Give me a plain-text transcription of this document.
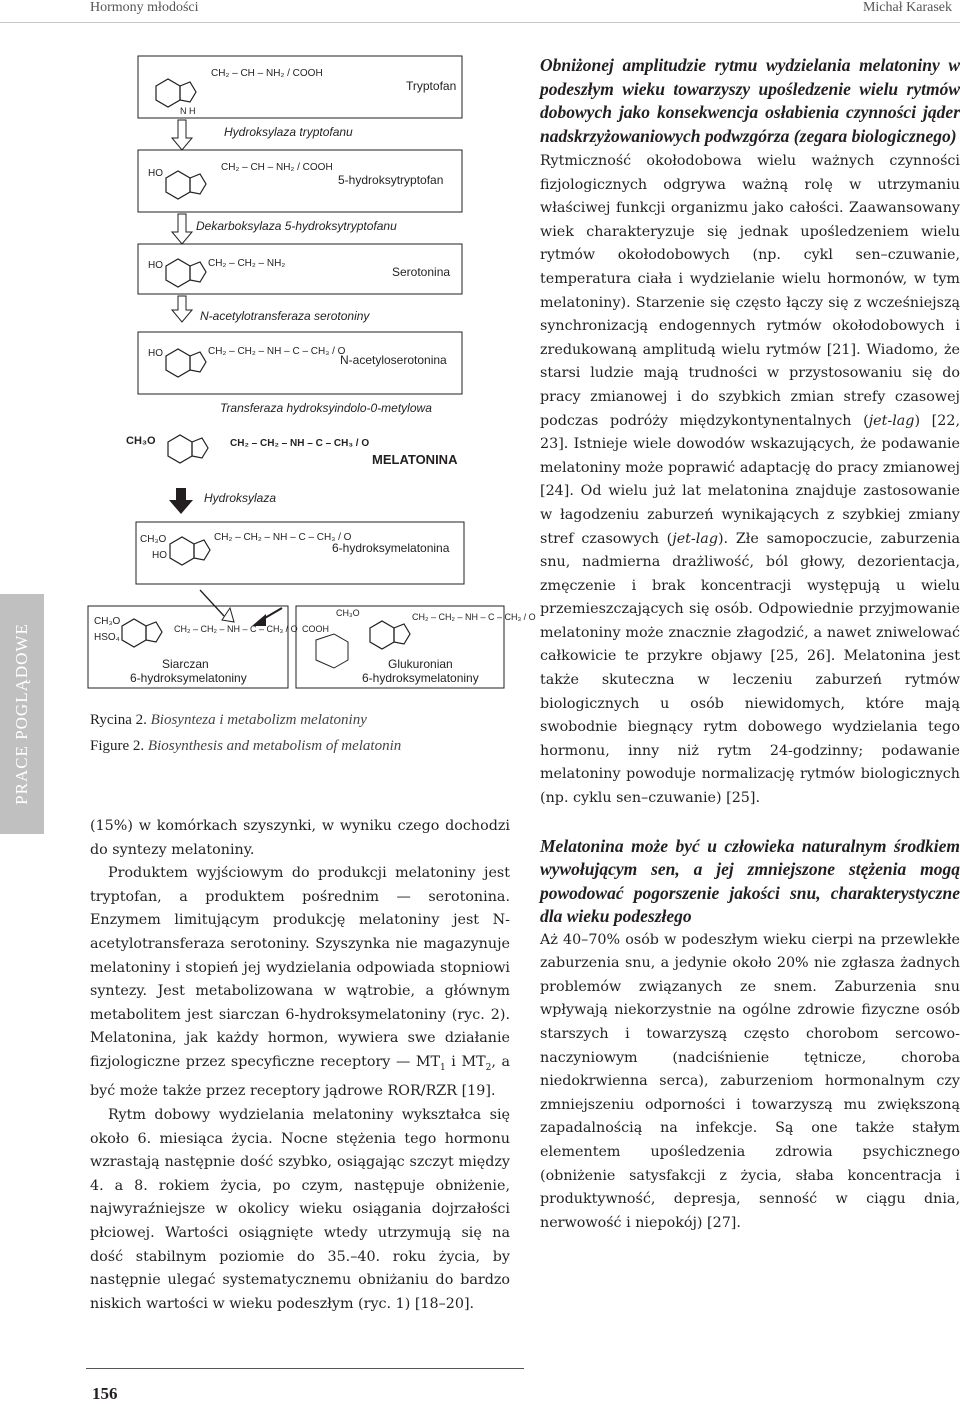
Hormony młodości	Michał Karasek
PRACE POGLĄDOWE
CH₂ – CH – NH₂ / COOH
N H
Tryptofan
Hydroksylaza tryptofanu
HO
CH₂ – CH – NH₂ / COOH
5-hydroksytryptofan
Dekarboksylaza 5-hydroksytryptofanu
HO	CH₂ – CH₂ – NH₂
Serotonina
N-acetylotransferaza serotoniny
HO	CH₂ – CH₂ – NH – C – CH₃ / O
N-acetyloserotonina
Transferaza hydroksyindolo-0-metylowa
CH₃O	CH₂ – CH₂ – NH – C – CH₃ / O
MELATONINA
Hydroksylaza
CH₃O
HO
CH₂ – CH₂ – NH – C – CH₃ / O
6-hydroksymelatonina
CH₃O
HSO₄
CH₂ – CH₂ – NH – C – CH₃ / O
Siarczan
6-hydroksymelatoniny
COOH
CH₃O	CH₂ – CH₂ – NH – C – CH₃ / O
Glukuronian
6-hydroksymelatoniny
Rycina 2. Biosynteza i metabolizm melatoniny
Figure 2. Biosynthesis and metabolism of melatonin

(15%) w komórkach szyszynki, w wyniku czego dochodzi do syntezy melatoniny.

Produktem wyjściowym do produkcji melatoniny jest tryptofan, a produktem pośrednim — serotonina. Enzymem limitującym produkcję melatoniny jest N-acetylotransferaza serotoniny. Szyszynka nie magazynuje melatoniny i stopień jej wydzielania odpowiada stopniowi syntezy. Jest metabolizowana w wątrobie, a głównym metabolitem jest siarczan 6-hydroksymelatoniny (ryc. 2). Melatonina, jak każdy hormon, wywiera swe działanie fizjologiczne przez specyficzne receptory — $MT_1$ i $MT_2$, a być może także przez receptory jądrowe ROR/RZR [19].

Rytm dobowy wydzielania melatoniny wykształca się około 6. miesiąca życia. Nocne stężenia tego hormonu wzrastają następnie dość szybko, osiągając szczyt między 4. a 8. rokiem życia, po czym, następuje obniżenie, najwyraźniejsze w okolicy wieku osiągania dojrzałości płciowej. Wartości osiągnięte wtedy utrzymują się na dość stabilnym poziomie do 35.–40. roku życia, by następnie ulegać systematycznemu obniżaniu do bardzo niskich wartości w wieku podeszłym (ryc. 1) [18–20].

Obniżonej amplitudzie rytmu wydzielania melatoniny w podeszłym wieku towarzyszy upośledzenie wielu rytmów dobowych jako konsekwencja osłabienia czynności jąder nadskrzyżowaniowych podwzgórza (zegara biologicznego)

Rytmiczność okołodobowa wielu ważnych czynności fizjologicznych odgrywa ważną rolę w utrzymaniu właściwej funkcji organizmu jako całości. Zaawansowany wiek charakteryzuje się jednak upośledzeniem wielu rytmów okołodobowych (np. cykl sen–czuwanie, temperatura ciała i wydzielanie wielu hormonów, w tym melatoniny). Starzenie się często łączy się z wcześniejszą synchronizacją endogennych rytmów okołodobowych i zredukowaną amplitudą wielu rytmów [21]. Wiadomo, że starsi ludzie mają trudności w przystosowaniu się do pracy zmianowej i do szybkich zmian strefy czasowej podczas podróży międzykontynentalnych (jet-lag) [22, 23]. Istnieje wiele dowodów wskazujących, że podawanie melatoniny może poprawić adaptację do pracy zmianowej [24]. Od wielu już lat melatonina znajduje zastosowanie w łagodzeniu zaburzeń wynikających z szybkiej zmiany stref czasowych (jet-lag). Złe samopoczucie, zaburzenia snu, nadmierna drażliwość, ból głowy, dezorientacja, zmęczenie i brak koncentracji występują u wielu przemieszczających się osób. Odpowiednie przyjmowanie melatoniny może znacznie złagodzić, a nawet zniwelować całkowicie te przykre objawy [25, 26]. Melatonina jest także skuteczna w leczeniu zaburzeń rytmów biologicznych u osób niewidomych, które mają swobodnie biegnący rytm dobowego wydzielania tego hormonu, inny niż rytm 24-godzinny; podawanie melatoniny powoduje normalizację rytmów biologicznych (np. cyklu sen–czuwanie) [25].

Melatonina może być u człowieka naturalnym środkiem wywołującym sen, a jej zmniejszone stężenia mogą powodować pogorszenie jakości snu, charakterystyczne dla wieku podeszłego

Aż 40–70% osób w podeszłym wieku cierpi na przewlekłe zaburzenia snu, a jedynie około 20% nie zgłasza żadnych problemów związanych ze snem. Zaburzenia snu wpływają niekorzystnie na ogólne zdrowie fizyczne osób starszych i towarzyszą często chorobom sercowo-naczyniowym (nadciśnienie tętnicze, choroba niedokrwienna serca), zaburzeniom hormonalnym czy zmniejszeniu odporności i towarzyszą mu zwiększoną zapadalnością na infekcje. Są one także stałym elementem upośledzenia zdrowia psychicznego (obniżenie satysfakcji z życia, słaba koncentracja i produktywność, depresja, senność w ciągu dnia, nerwowość i niepokój) [27].

156
